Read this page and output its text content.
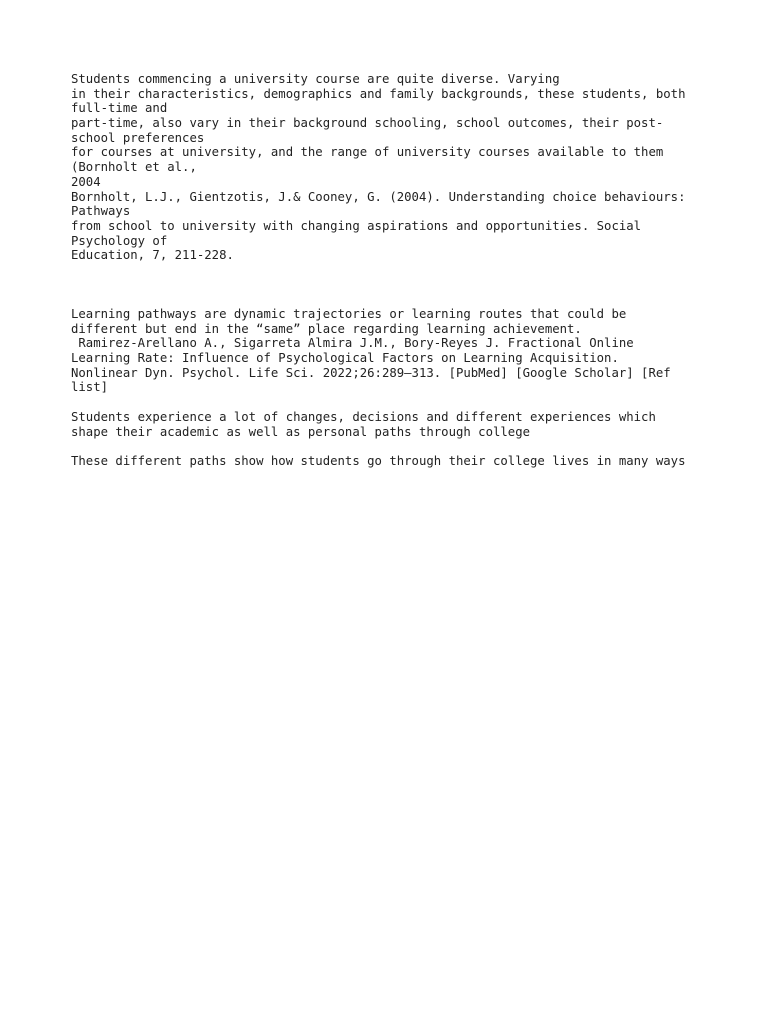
Students commencing a university course are quite diverse. Varying
in their characteristics, demographics and family backgrounds, these students, both
full-time and
part-time, also vary in their background schooling, school outcomes, their post-
school preferences
for courses at university, and the range of university courses available to them
(Bornholt et al.,
2004
Bornholt, L.J., Gientzotis, J.& Cooney, G. (2004). Understanding choice behaviours:
Pathways
from school to university with changing aspirations and opportunities. Social
Psychology of
Education, 7, 211-228.
Learning pathways are dynamic trajectories or learning routes that could be
different but end in the “same” place regarding learning achievement.
Ramirez-Arellano A., Sigarreta Almira J.M., Bory-Reyes J. Fractional Online
Learning Rate: Influence of Psychological Factors on Learning Acquisition.
Nonlinear Dyn. Psychol. Life Sci. 2022;26:289–313. [PubMed] [Google Scholar] [Ref
list]
Students experience a lot of changes, decisions and different experiences which
shape their academic as well as personal paths through college
These different paths show how students go through their college lives in many ways
